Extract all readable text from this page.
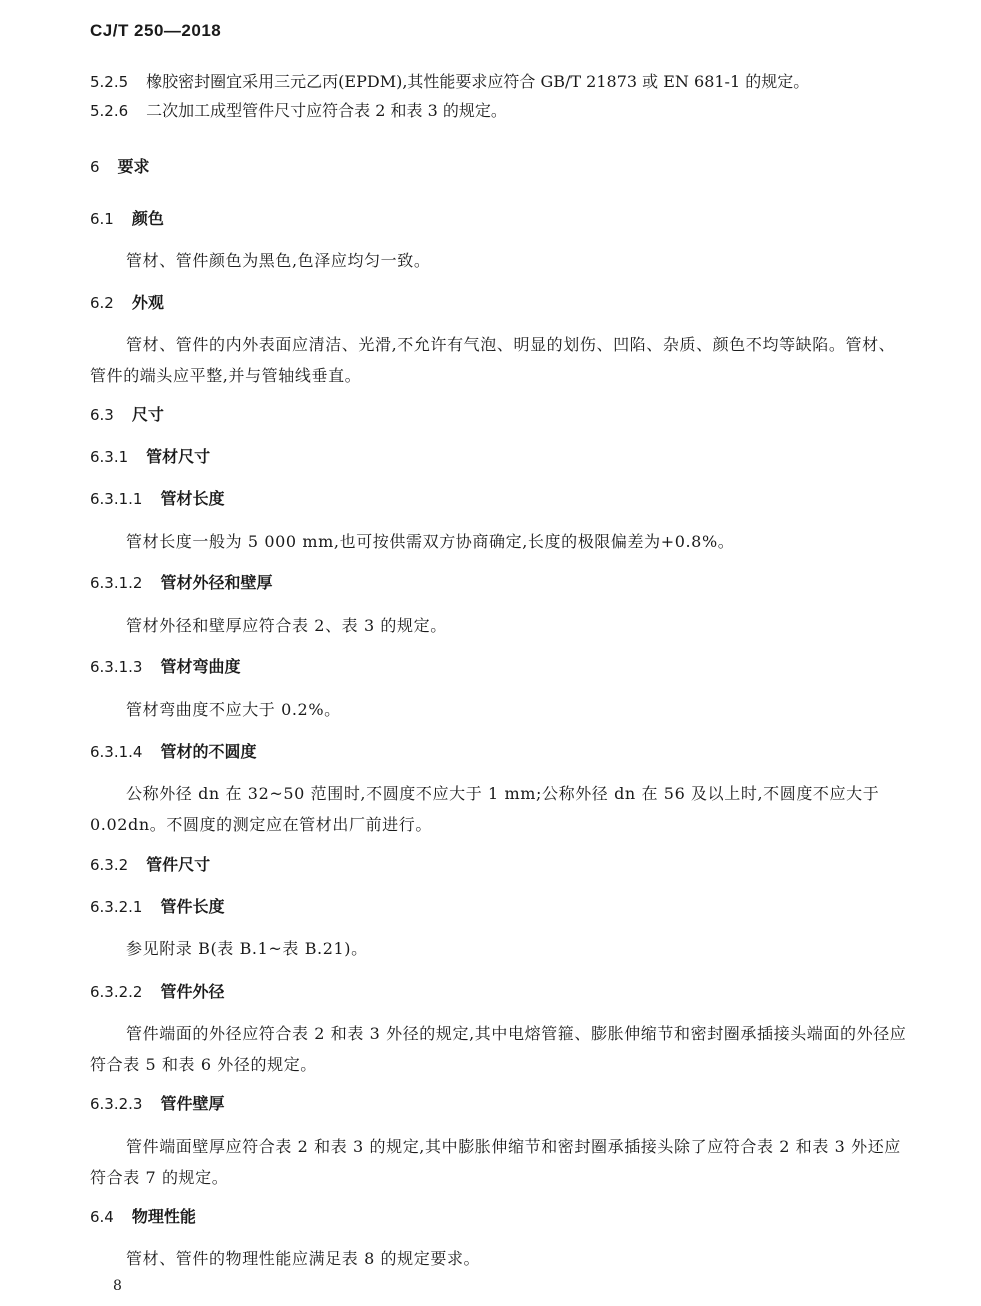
CJ/T 250—2018
5.2.5 橡胶密封圈宜采用三元乙丙(EPDM),其性能要求应符合 GB/T 21873 或 EN 681-1 的规定。
5.2.6 二次加工成型管件尺寸应符合表 2 和表 3 的规定。
6 要求
6.1 颜色
管材、管件颜色为黑色,色泽应均匀一致。
6.2 外观
管材、管件的内外表面应清洁、光滑,不允许有气泡、明显的划伤、凹陷、杂质、颜色不均等缺陷。管材、管件的端头应平整,并与管轴线垂直。
6.3 尺寸
6.3.1 管材尺寸
6.3.1.1 管材长度
管材长度一般为 5 000 mm,也可按供需双方协商确定,长度的极限偏差为+0.8%。
6.3.1.2 管材外径和壁厚
管材外径和壁厚应符合表 2、表 3 的规定。
6.3.1.3 管材弯曲度
管材弯曲度不应大于 0.2%。
6.3.1.4 管材的不圆度
公称外径 dn 在 32~50 范围时,不圆度不应大于 1 mm;公称外径 dn 在 56 及以上时,不圆度不应大于 0.02dn。不圆度的测定应在管材出厂前进行。
6.3.2 管件尺寸
6.3.2.1 管件长度
参见附录 B(表 B.1~表 B.21)。
6.3.2.2 管件外径
管件端面的外径应符合表 2 和表 3 外径的规定,其中电熔管箍、膨胀伸缩节和密封圈承插接头端面的外径应符合表 5 和表 6 外径的规定。
6.3.2.3 管件壁厚
管件端面壁厚应符合表 2 和表 3 的规定,其中膨胀伸缩节和密封圈承插接头除了应符合表 2 和表 3 外还应符合表 7 的规定。
6.4 物理性能
管材、管件的物理性能应满足表 8 的规定要求。
8
